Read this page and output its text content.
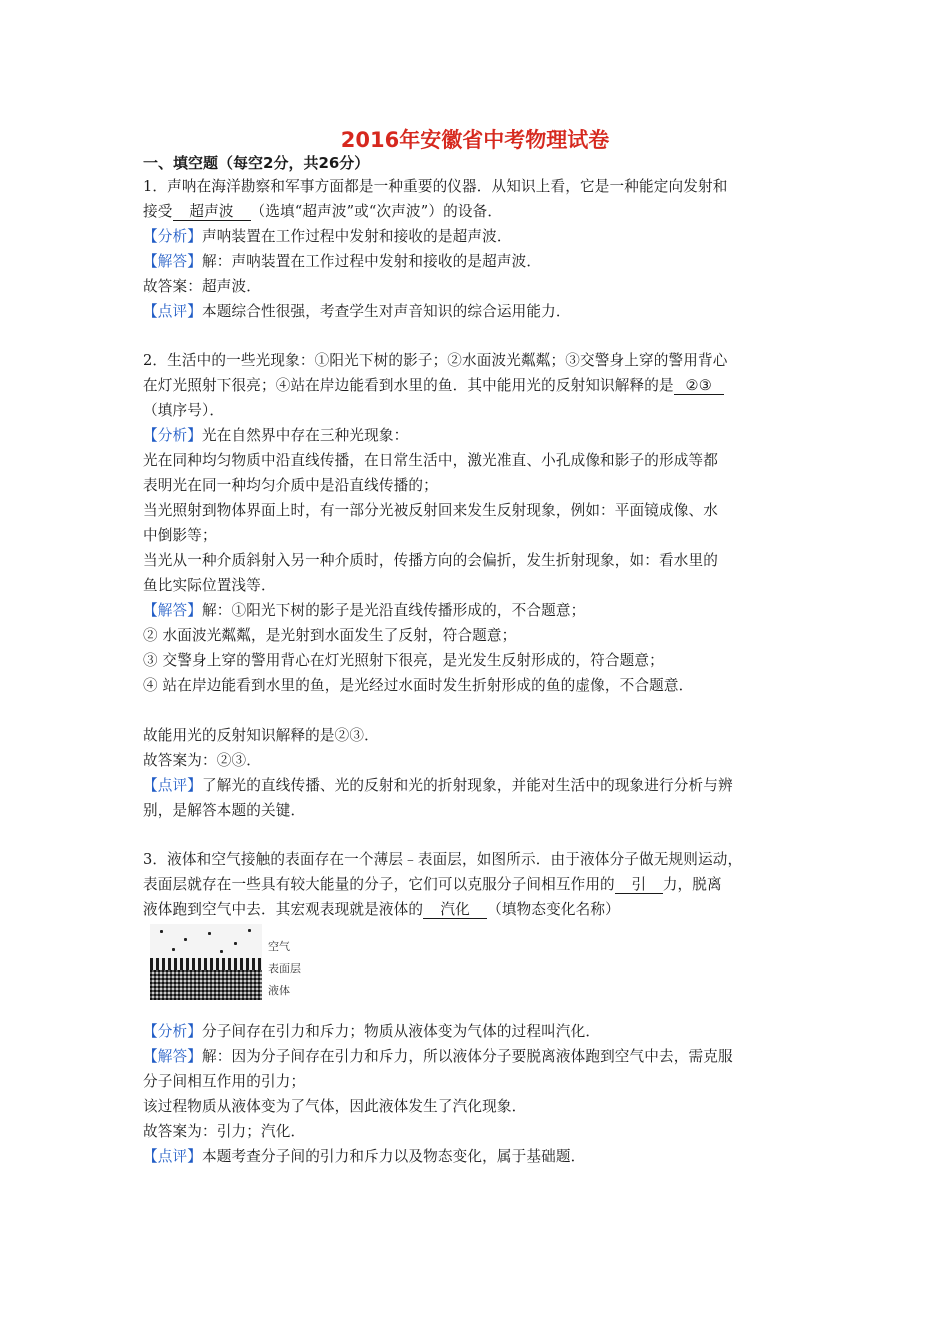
2016年安徽省中考物理试卷
一、填空题（每空2分，共26分）
1．声呐在海洋勘察和军事方面都是一种重要的仪器．从知识上看，它是一种能定向发射和
接受 超声波 （选填“超声波”或“次声波”）的设备．
【分析】声呐装置在工作过程中发射和接收的是超声波．
【解答】解：声呐装置在工作过程中发射和接收的是超声波．
故答案：超声波．
【点评】本题综合性很强，考查学生对声音知识的综合运用能力．
2．生活中的一些光现象：①阳光下树的影子；②水面波光粼粼；③交警身上穿的警用背心
在灯光照射下很亮；④站在岸边能看到水里的鱼．其中能用光的反射知识解释的是 ②③
（填序号）．
【分析】光在自然界中存在三种光现象：
光在同种均匀物质中沿直线传播，在日常生活中，激光准直、小孔成像和影子的形成等都
表明光在同一种均匀介质中是沿直线传播的；
当光照射到物体界面上时，有一部分光被反射回来发生反射现象，例如：平面镜成像、水
中倒影等；
当光从一种介质斜射入另一种介质时，传播方向的会偏折，发生折射现象，如：看水里的
鱼比实际位置浅等．
【解答】解：①阳光下树的影子是光沿直线传播形成的，不合题意；
② 水面波光粼粼，是光射到水面发生了反射，符合题意；
③ 交警身上穿的警用背心在灯光照射下很亮，是光发生反射形成的，符合题意；
④ 站在岸边能看到水里的鱼，是光经过水面时发生折射形成的鱼的虚像，不合题意．
故能用光的反射知识解释的是②③．
故答案为：②③．
【点评】了解光的直线传播、光的反射和光的折射现象，并能对生活中的现象进行分析与辨
别，是解答本题的关键．
3．液体和空气接触的表面存在一个薄层﹣表面层，如图所示．由于液体分子做无规则运动，
表面层就存在一些具有较大能量的分子，它们可以克服分子间相互作用的 引 力，脱离
液体跑到空气中去．其宏观表现就是液体的 汽化 （填物态变化名称）
空气
表面层
液体
【分析】分子间存在引力和斥力；物质从液体变为气体的过程叫汽化．
【解答】解：因为分子间存在引力和斥力，所以液体分子要脱离液体跑到空气中去，需克服
分子间相互作用的引力；
该过程物质从液体变为了气体，因此液体发生了汽化现象．
故答案为：引力；汽化．
【点评】本题考查分子间的引力和斥力以及物态变化，属于基础题．
